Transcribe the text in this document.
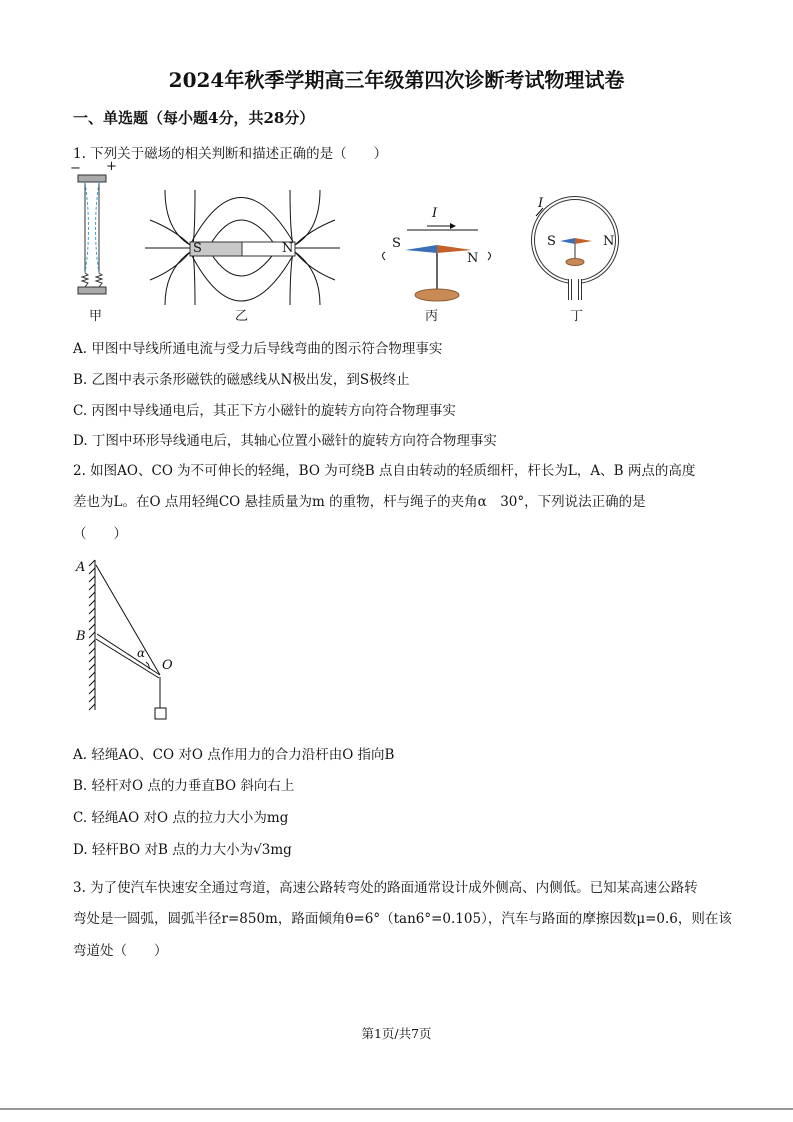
2024年秋季学期高三年级第四次诊断考试物理试卷
一、单选题（每小题4分，共28分）
1. 下列关于磁场的相关判断和描述正确的是（　　）
− +
甲
S	N
乙
I
S
N
丙
I
S	N
丁
A. 甲图中导线所通电流与受力后导线弯曲的图示符合物理事实
B. 乙图中表示条形磁铁的磁感线从N极出发，到S极终止
C. 丙图中导线通电后，其正下方小磁针的旋转方向符合物理事实
D. 丁图中环形导线通电后，其轴心位置小磁针的旋转方向符合物理事实
2. 如图AO、CO 为不可伸长的轻绳，BO 为可绕B 点自由转动的轻质细杆，杆长为L，A、B 两点的高度
差也为L。在O 点用轻绳CO 悬挂质量为m 的重物，杆与绳子的夹角α　30°，下列说法正确的是
（　　）
A
B
O
α
A. 轻绳AO、CO 对O 点作用力的合力沿杆由O 指向B
B. 轻杆对O 点的力垂直BO 斜向右上
C. 轻绳AO 对O 点的拉力大小为mg
D. 轻杆BO 对B 点的力大小为√3mg
3. 为了使汽车快速安全通过弯道，高速公路转弯处的路面通常设计成外侧高、内侧低。已知某高速公路转
弯处是一圆弧，圆弧半径r=850m，路面倾角θ=6°（tan6°=0.105），汽车与路面的摩擦因数μ=0.6，则在该
弯道处（　　）
第1页/共7页
